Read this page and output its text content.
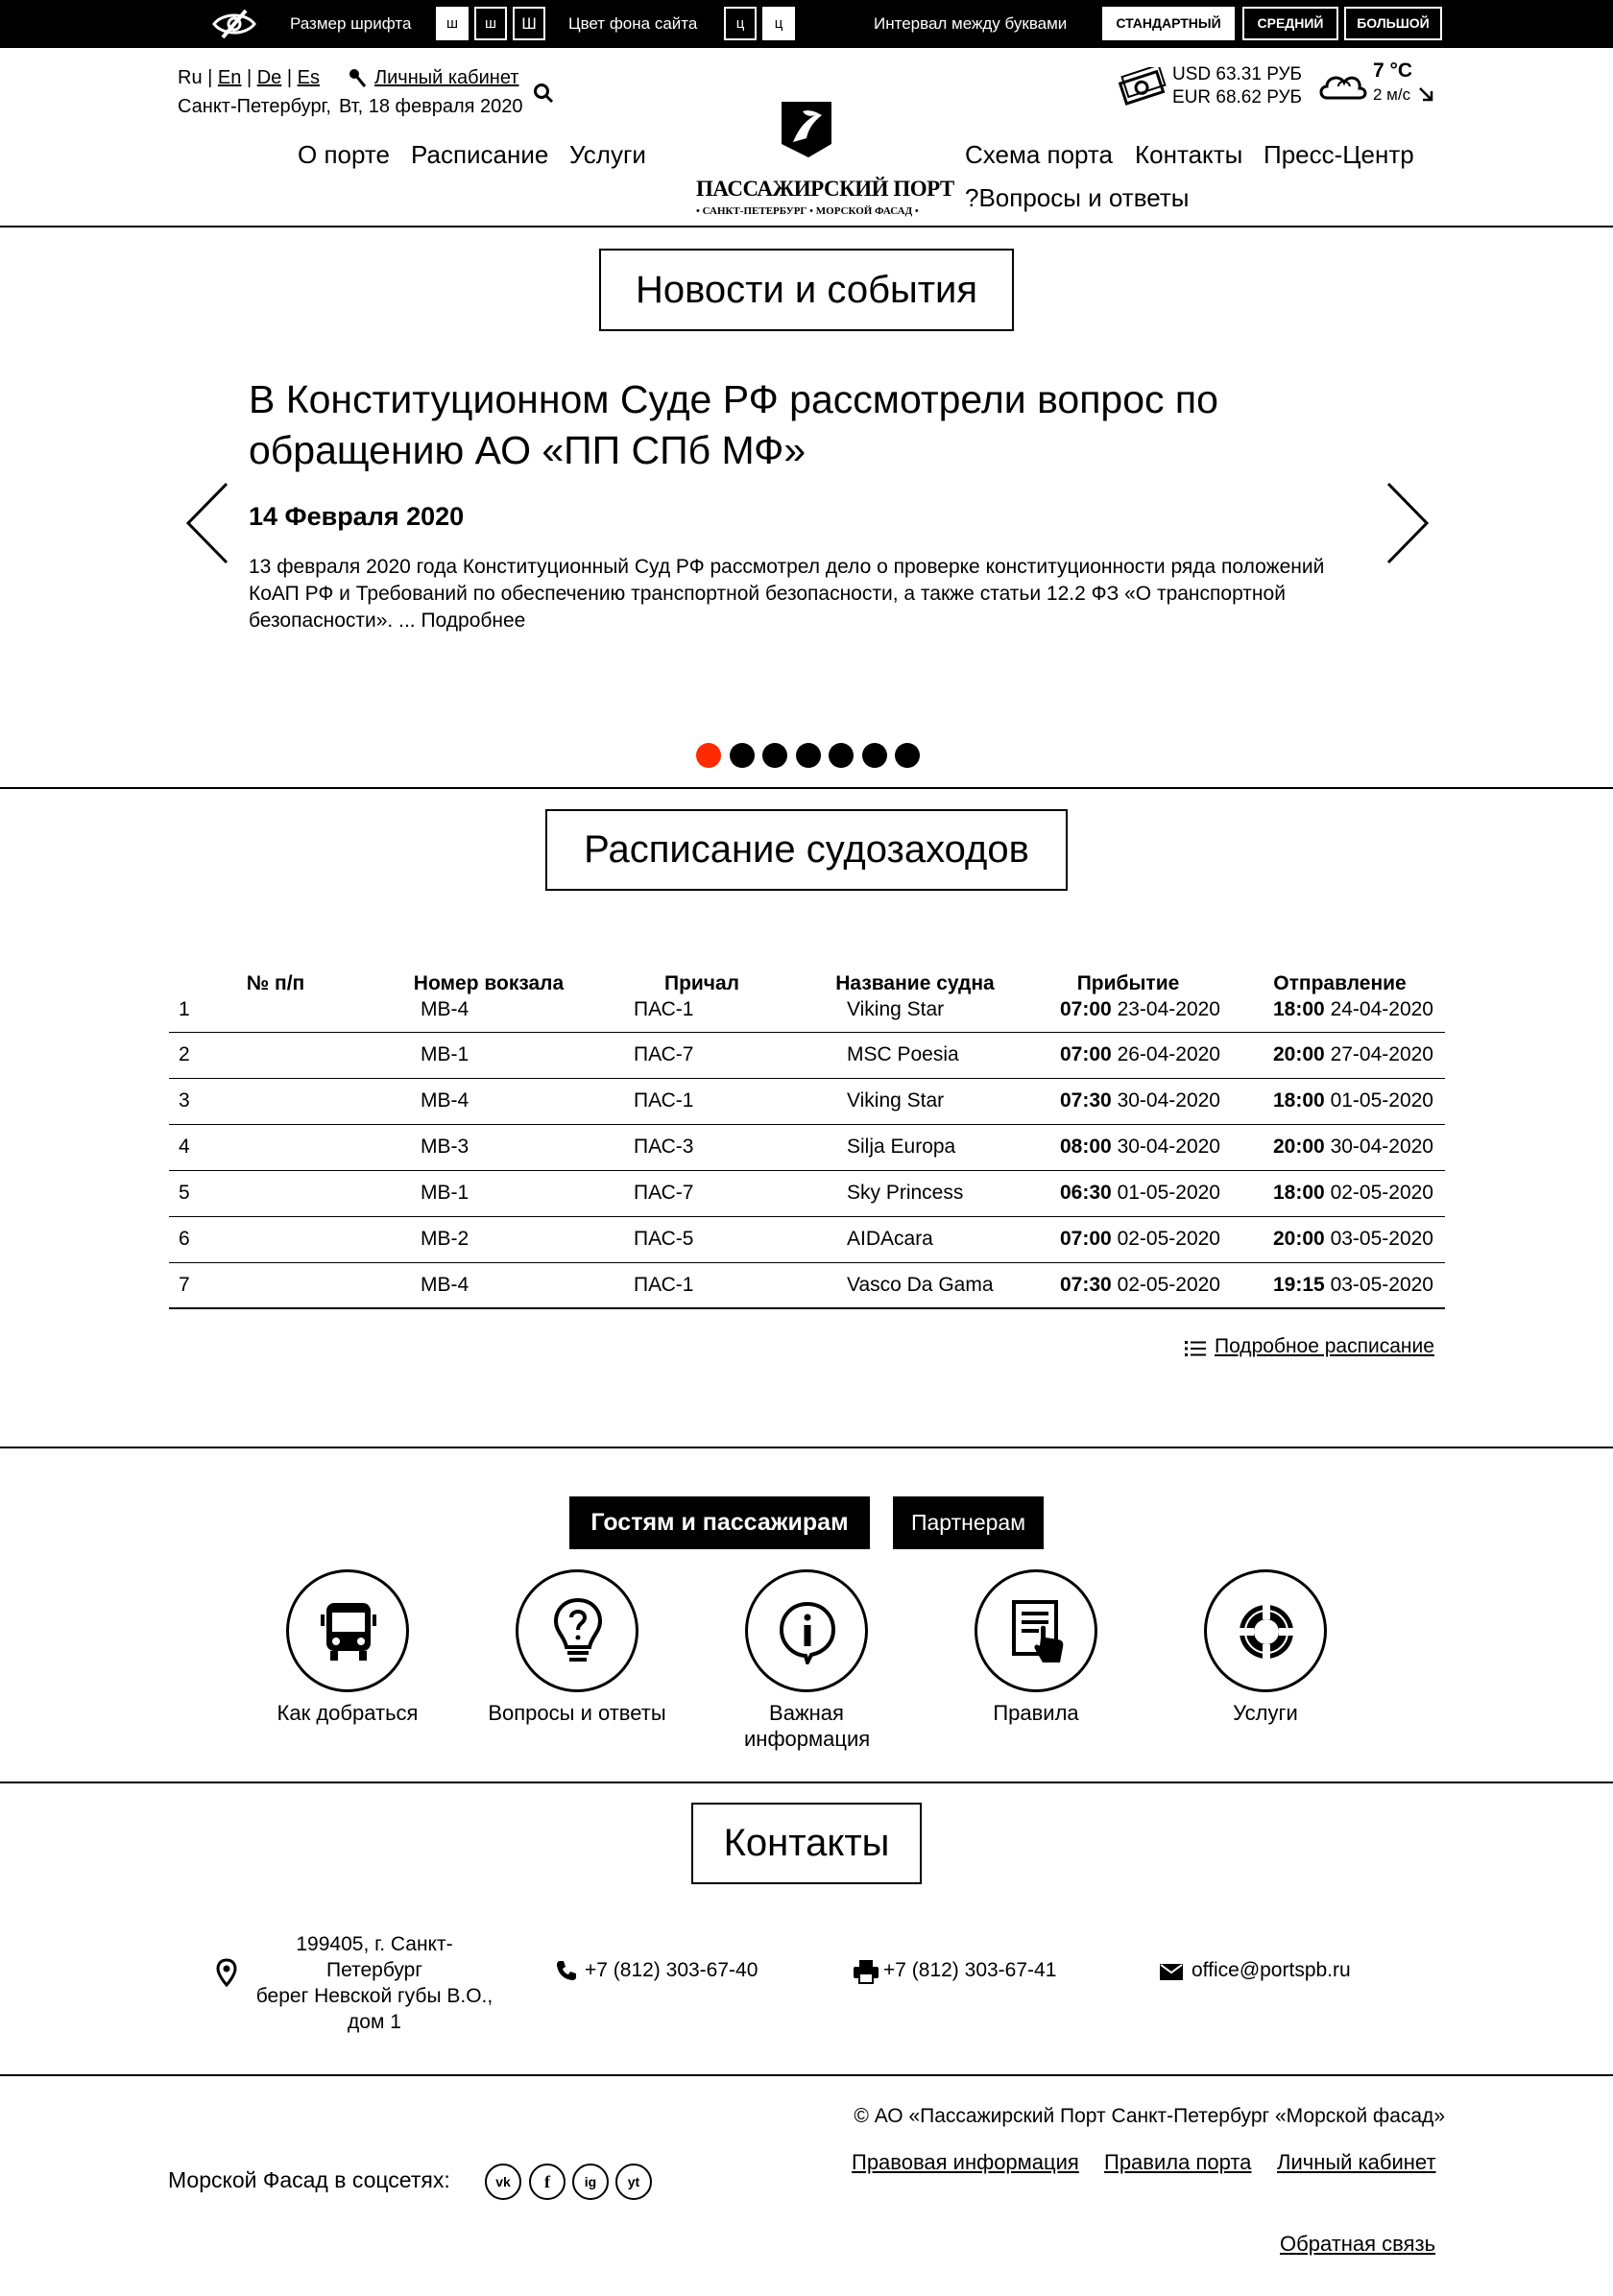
Размер шрифта	ш	ш	Ш	Цвет фона сайта	ц	ц	Интервал между буквами	СТАНДАРТНЫЙ	СРЕДНИЙ	БОЛЬШОЙ
Ru | En | De | Es	Личный кабинет
Санкт-Петербург, Вт, 18 февраля 2020
USD 63.31 РУБ
EUR 68.62 РУБ
7 °C
2 м/с
ПАССАЖИРСКИЙ ПОРТ
• САНКТ-ПЕТЕРБУРГ • МОРСКОЙ ФАСАД •
О порте Расписание Услуги	Схема порта Контакты Пресс-Центр
?Вопросы и ответы
Новости и события
В Конституционном Суде РФ рассмотрели вопрос по обращению АО «ПП СПб МФ»
14 Февраля 2020
13 февраля 2020 года Конституционный Суд РФ рассмотрел дело о проверке конституционности ряда положений КоАП РФ и Требований по обеспечению транспортной безопасности, а также статьи 12.2 ФЗ «О транспортной безопасности». ... Подробнее
Расписание судозаходов
№ п/п	Номер вокзала	Причал	Название судна	Прибытие	Отправление
1	МВ-4	ПАС-1	Viking Star	07:00 23-04-2020	18:00 24-04-2020
2	МВ-1	ПАС-7	MSC Poesia	07:00 26-04-2020	20:00 27-04-2020
3	МВ-4	ПАС-1	Viking Star	07:30 30-04-2020	18:00 01-05-2020
4	МВ-3	ПАС-3	Silja Europa	08:00 30-04-2020	20:00 30-04-2020
5	МВ-1	ПАС-7	Sky Princess	06:30 01-05-2020	18:00 02-05-2020
6	МВ-2	ПАС-5	AIDAcara	07:00 02-05-2020	20:00 03-05-2020
7	МВ-4	ПАС-1	Vasco Da Gama	07:30 02-05-2020	19:15 03-05-2020
Подробное расписание
Гостям и пассажирам	Партнерам
Как добраться	Вопросы и ответы	Важная информация
Правила	Услуги
Контакты
199405, г. Санкт-
Петербург
берег Невской губы В.О.,
дом 1
+7 (812) 303-67-40	+7 (812) 303-67-41	office@portspb.ru
© АО «Пассажирский Порт Санкт-Петербург «Морской фасад»
Правовая информация Правила порта Личный кабинет
Обратная связь
Морской Фасад в соцсетях:	vk	f	ig	yt
